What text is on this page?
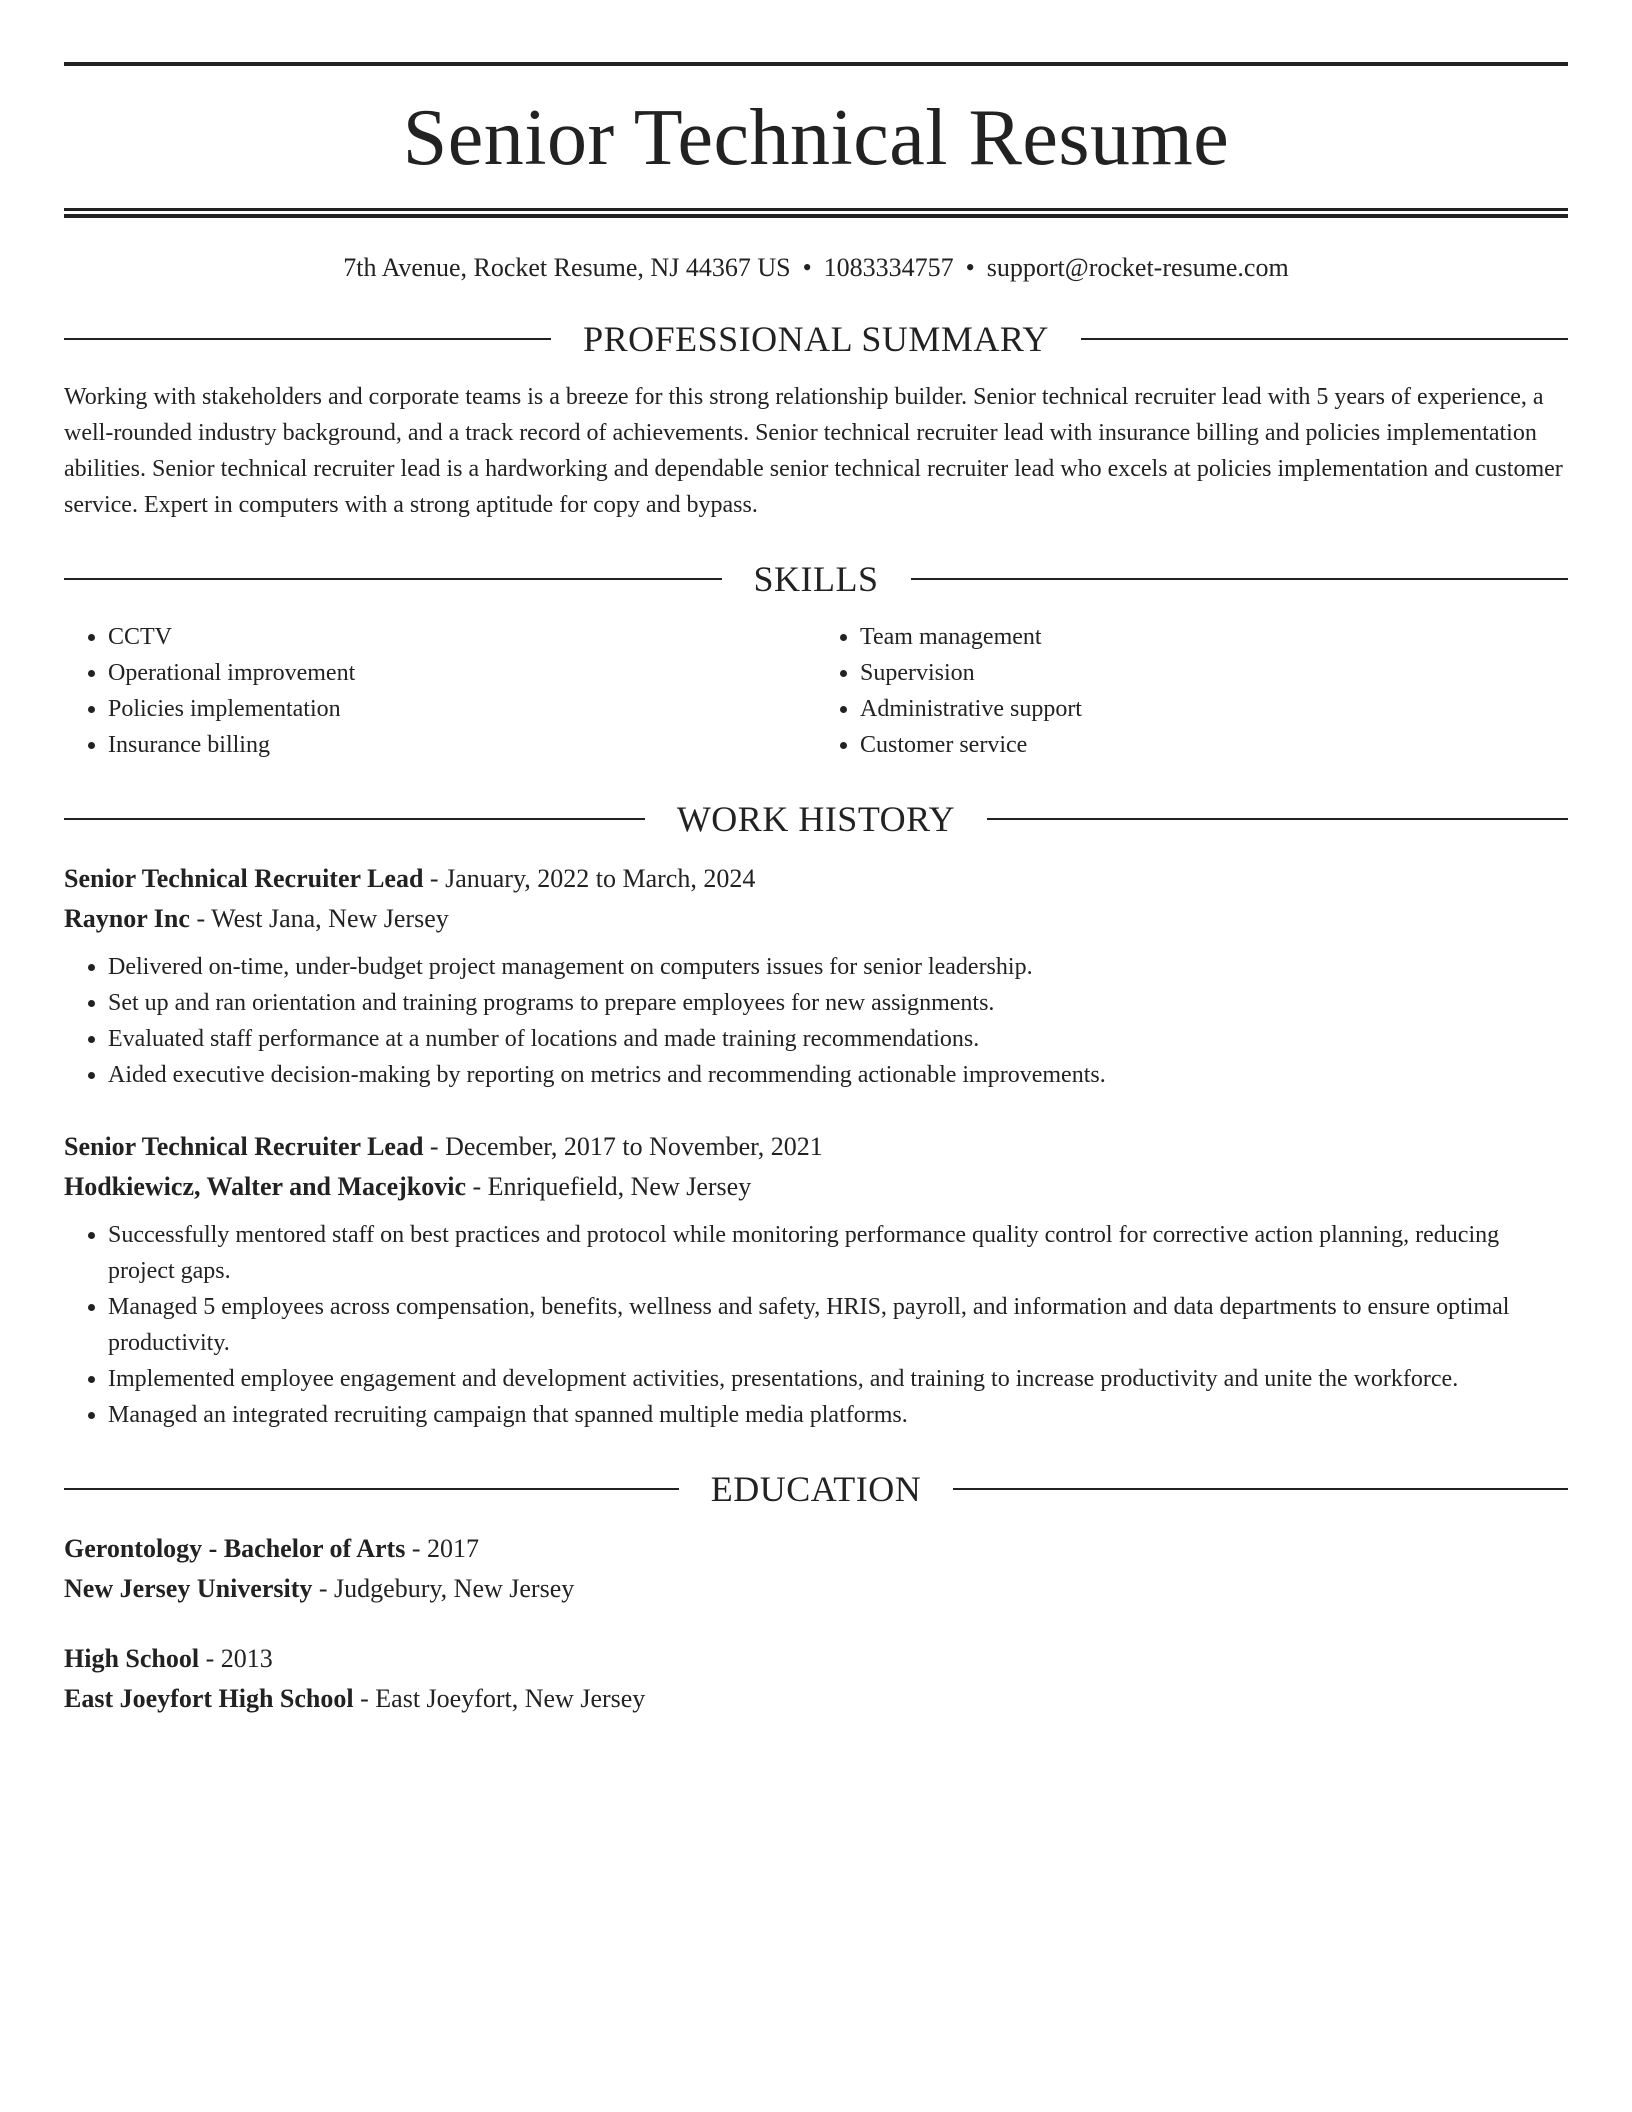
Senior Technical Resume
7th Avenue, Rocket Resume, NJ 44367 US • 1083334757 • support@rocket-resume.com
PROFESSIONAL SUMMARY

Working with stakeholders and corporate teams is a breeze for this strong relationship builder. Senior technical recruiter lead with 5 years of experience, a well-rounded industry background, and a track record of achievements. Senior technical recruiter lead with insurance billing and policies implementation abilities. Senior technical recruiter lead is a hardworking and dependable senior technical recruiter lead who excels at policies implementation and customer service. Expert in computers with a strong aptitude for copy and bypass.

SKILLS
• CCTV
• Operational improvement
• Policies implementation
• Insurance billing
• Team management
• Supervision
• Administrative support
• Customer service
WORK HISTORY
Senior Technical Recruiter Lead - January, 2022 to March, 2024
Raynor Inc - West Jana, New Jersey
• Delivered on-time, under-budget project management on computers issues for senior leadership.
• Set up and ran orientation and training programs to prepare employees for new assignments.
• Evaluated staff performance at a number of locations and made training recommendations.
• Aided executive decision-making by reporting on metrics and recommending actionable improvements.
Senior Technical Recruiter Lead - December, 2017 to November, 2021
Hodkiewicz, Walter and Macejkovic - Enriquefield, New Jersey
• Successfully mentored staff on best practices and protocol while monitoring performance quality control for corrective action planning, reducing project gaps.
• Managed 5 employees across compensation, benefits, wellness and safety, HRIS, payroll, and information and data departments to ensure optimal productivity.
• Implemented employee engagement and development activities, presentations, and training to increase productivity and unite the workforce.
• Managed an integrated recruiting campaign that spanned multiple media platforms.
EDUCATION
Gerontology - Bachelor of Arts - 2017
New Jersey University - Judgebury, New Jersey
High School - 2013
East Joeyfort High School - East Joeyfort, New Jersey
